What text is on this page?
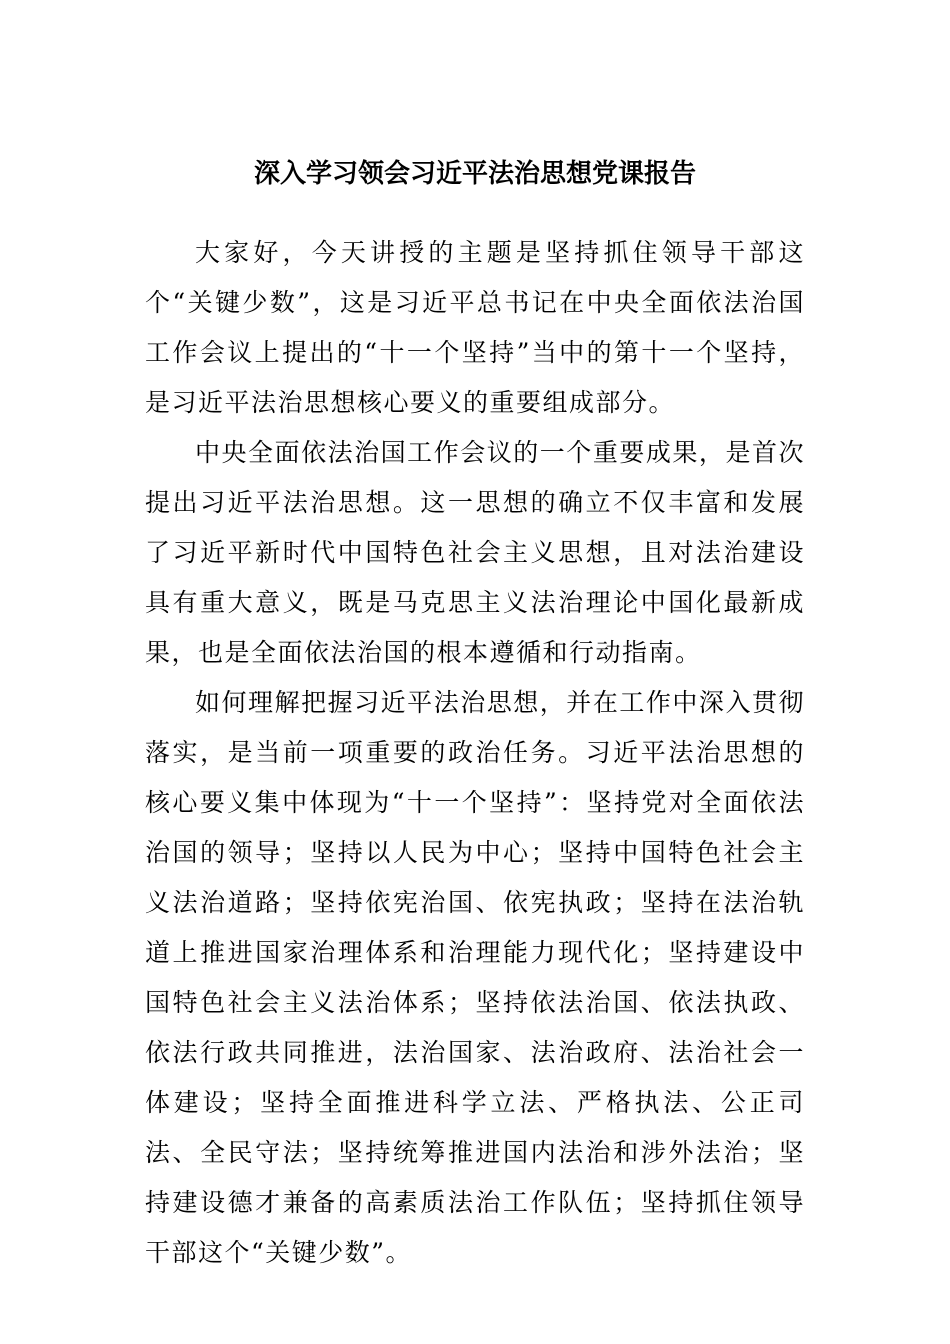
深入学习领会习近平法治思想党课报告

大家好，今天讲授的主题是坚持抓住领导干部这个“关键少数”，这是习近平总书记在中央全面依法治国工作会议上提出的“十一个坚持”当中的第十一个坚持，是习近平法治思想核心要义的重要组成部分。

中央全面依法治国工作会议的一个重要成果，是首次提出习近平法治思想。这一思想的确立不仅丰富和发展了习近平新时代中国特色社会主义思想，且对法治建设具有重大意义，既是马克思主义法治理论中国化最新成果，也是全面依法治国的根本遵循和行动指南。

如何理解把握习近平法治思想，并在工作中深入贯彻落实，是当前一项重要的政治任务。习近平法治思想的核心要义集中体现为“十一个坚持”：坚持党对全面依法治国的领导；坚持以人民为中心；坚持中国特色社会主义法治道路；坚持依宪治国、依宪执政；坚持在法治轨道上推进国家治理体系和治理能力现代化；坚持建设中国特色社会主义法治体系；坚持依法治国、依法执政、依法行政共同推进，法治国家、法治政府、法治社会一体建设；坚持全面推进科学立法、严格执法、公正司法、全民守法；坚持统筹推进国内法治和涉外法治；坚持建设德才兼备的高素质法治工作队伍；坚持抓住领导干部这个“关键少数”。
